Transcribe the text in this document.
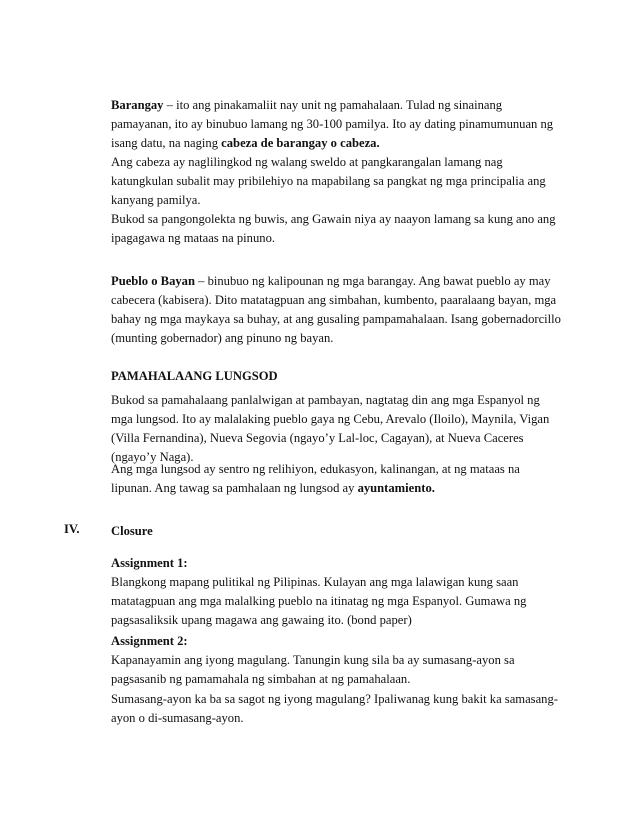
Barangay – ito ang pinakamaliit nay unit ng pamahalaan. Tulad ng sinainang pamayanan, ito ay binubuo lamang ng 30-100 pamilya. Ito ay dating pinamumunuan ng isang datu, na naging cabeza de barangay o cabeza.

Ang cabeza ay naglilingkod ng walang sweldo at pangkarangalan lamang nag katungkulan subalit may pribilehiyo na mapabilang sa pangkat ng mga principalia ang kanyang pamilya.

Bukod sa pangongolekta ng buwis, ang Gawain niya ay naayon lamang sa kung ano ang ipagagawa ng mataas na pinuno.

Pueblo o Bayan – binubuo ng kalipounan ng mga barangay. Ang bawat pueblo ay may cabecera (kabisera). Dito matatagpuan ang simbahan, kumbento, paaralaang bayan, mga bahay ng mga maykaya sa buhay, at ang gusaling pampamahalaan. Isang gobernadorcillo (munting gobernador) ang pinuno ng bayan.

PAMAHALAANG LUNGSOD

Bukod sa pamahalaang panlalwigan at pambayan, nagtatag din ang mga Espanyol ng mga lungsod. Ito ay malalaking pueblo gaya ng Cebu, Arevalo (Iloilo), Maynila, Vigan (Villa Fernandina), Nueva Segovia (ngayo’y Lal-loc, Cagayan), at Nueva Caceres (ngayo’y Naga).

Ang mga lungsod ay sentro ng relihiyon, edukasyon, kalinangan, at ng mataas na lipunan. Ang tawag sa pamhalaan ng lungsod ay ayuntamiento.

IV. Closure

Assignment 1:
Blangkong mapang pulitikal ng Pilipinas. Kulayan ang mga lalawigan kung saan matatagpuan ang mga malalking pueblo na itinatag ng mga Espanyol. Gumawa ng pagsasaliksik upang magawa ang gawaing ito. (bond paper)

Assignment 2:
Kapanayamin ang iyong magulang. Tanungin kung sila ba ay sumasang-ayon sa pagsasanib ng pamamahala ng simbahan at ng pamahalaan.

Sumasang-ayon ka ba sa sagot ng iyong magulang? Ipaliwanag kung bakit ka samasang-ayon o di-sumasang-ayon.
